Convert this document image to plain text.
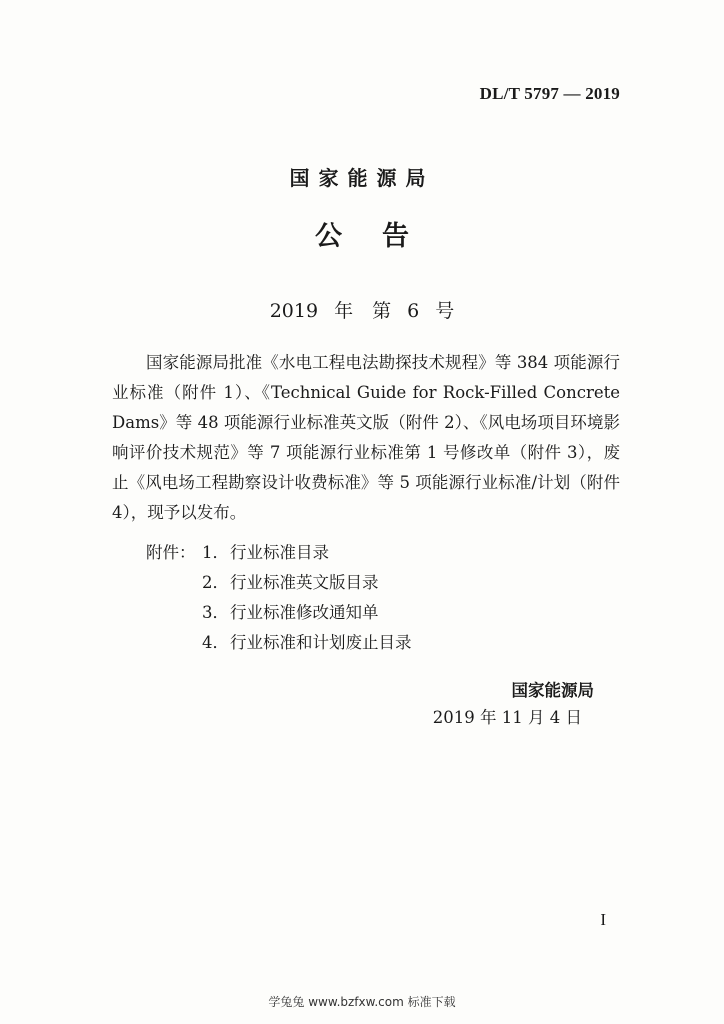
DL/T 5797 — 2019
国家能源局
公告
2019 年　第 6 号
国家能源局批准《水电工程电法勘探技术规程》等 384 项能源行业标准（附件 1）、《Technical Guide for Rock-Filled Concrete Dams》等 48 项能源行业标准英文版（附件 2）、《风电场项目环境影响评价技术规范》等 7 项能源行业标准第 1 号修改单（附件 3），废止《风电场工程勘察设计收费标准》等 5 项能源行业标准/计划（附件 4），现予以发布。
附件： 1． 行业标准目录
2． 行业标准英文版目录
3． 行业标准修改通知单
4． 行业标准和计划废止目录
国家能源局
2019 年 11 月 4 日
I
学兔兔 www.bzfxw.com 标准下载
